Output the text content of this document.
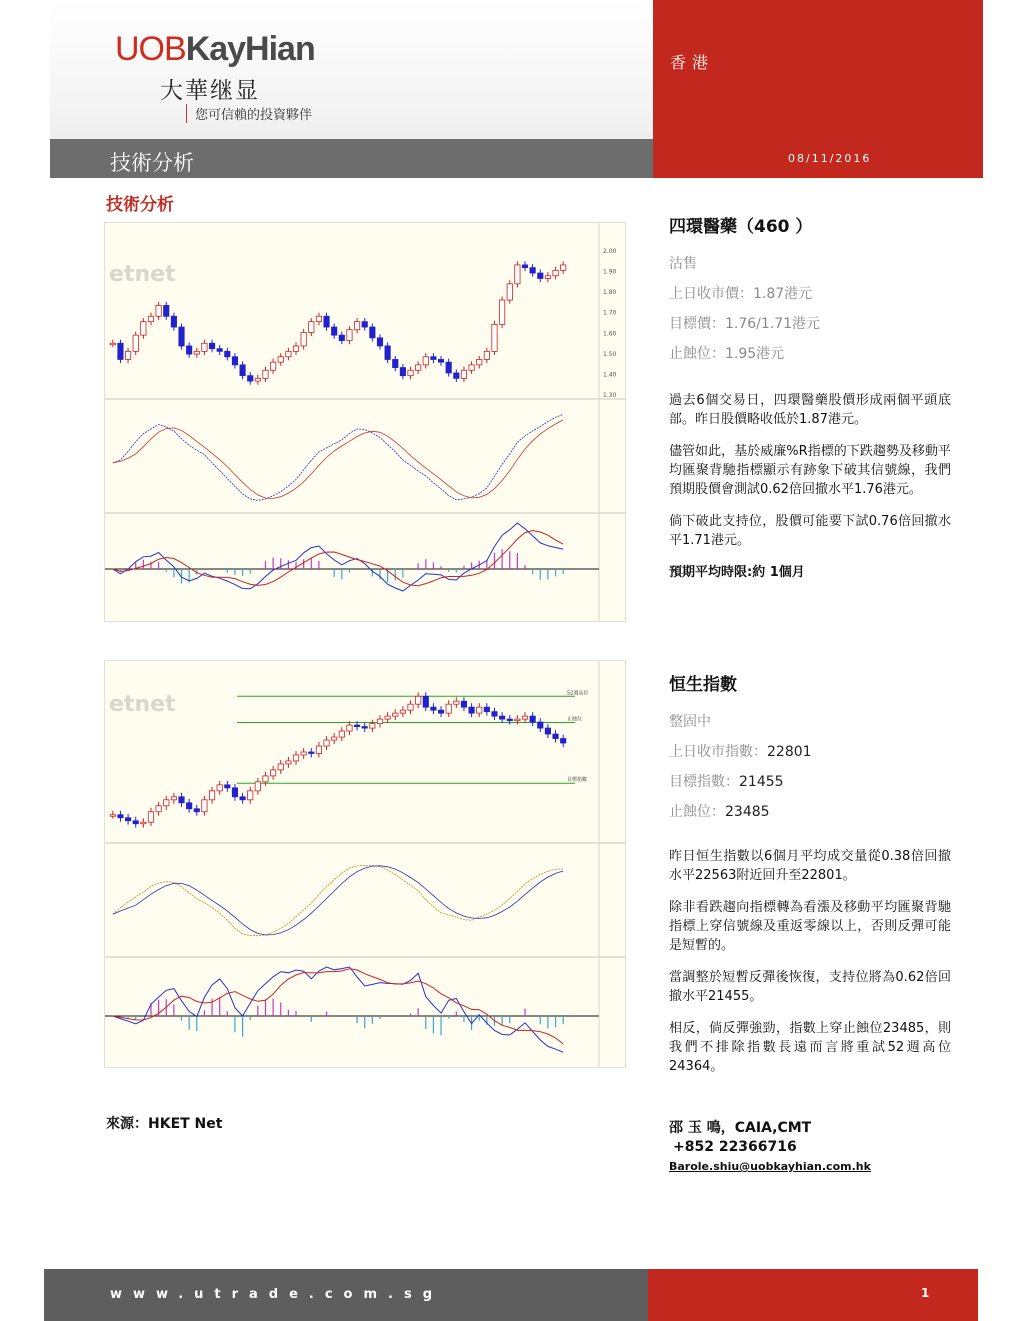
UOBKayHian
大華继显
您可信賴的投資夥伴
技術分析
香港
08/11/2016
技術分析
etnet
2.00
1.90
1.80
1.70
1.60
1.50
1.40
1.30
etnet	52週高位
止蝕位
目標指數
四環醫藥（460 ）
沽售
上日收市價：1.87港元
目標價：1.76/1.71港元
止蝕位：1.95港元

過去6個交易日，四環醫藥股價形成兩個平頭底部。昨日股價略收低於1.87港元。

儘管如此，基於威廉%R指標的下跌趨勢及移動平均匯聚背馳指標顯示有跡象下破其信號線，我們預期股價會測試0.62倍回撤水平1.76港元。

倘下破此支持位，股價可能要下試0.76倍回撤水平1.71港元。

預期平均時限:約 1個月

恒生指數
整固中
上日收市指數：22801
目標指數：21455
止蝕位：23485

昨日恒生指數以6個月平均成交量從0.38倍回撤水平22563附近回升至22801。

除非看跌趨向指標轉為看漲及移動平均匯聚背馳指標上穿信號線及重返零線以上，否則反彈可能是短暫的。

當調整於短暫反彈後恢復，支持位將為0.62倍回撤水平21455。

相反，倘反彈強勁，指數上穿止蝕位23485，則我們不排除指數長遠而言將重試52週高位24364。

來源：HKET Net	邵 玉 鳴，CAIA,CMT
+852 22366716
Barole.shiu@uobkayhian.com.hk
www.utrade.com.sg	1
